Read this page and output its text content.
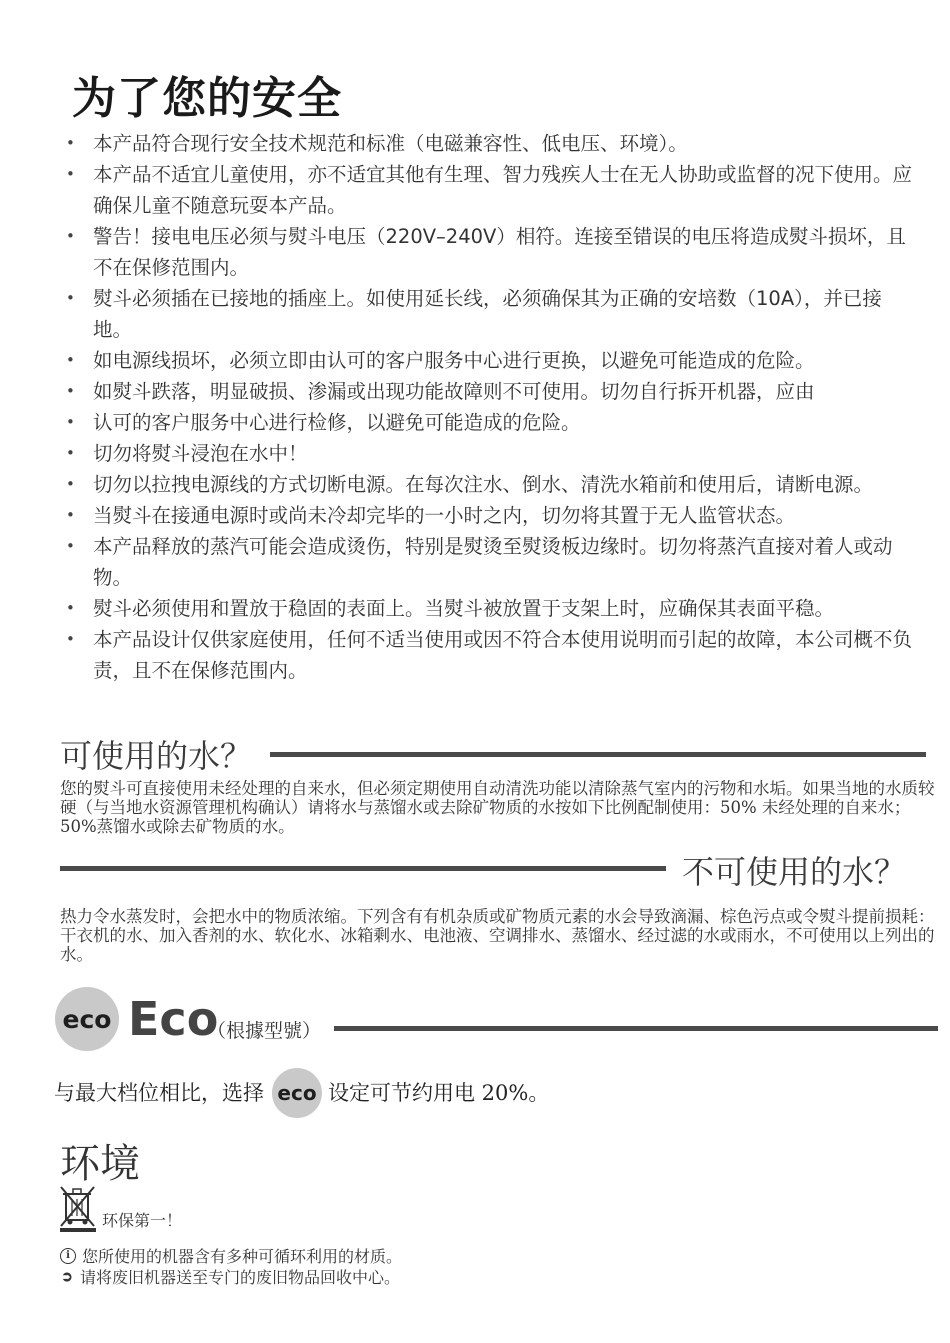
为了您的安全
• 本产品符合现行安全技术规范和标准（电磁兼容性、低电压、环境）。
• 本产品不适宜儿童使用，亦不适宜其他有生理、智力残疾人士在无人协助或监督的况下使用。应确保儿童不随意玩耍本产品。
• 警告！接电电压必须与熨斗电压（220V–240V）相符。连接至错误的电压将造成熨斗损坏，且不在保修范围内。
• 熨斗必须插在已接地的插座上。如使用延长线，必须确保其为正确的安培数（10A），并已接地。
• 如电源线损坏，必须立即由认可的客户服务中心进行更换，以避免可能造成的危险。
• 如熨斗跌落，明显破损、渗漏或出现功能故障则不可使用。切勿自行拆开机器，应由
• 认可的客户服务中心进行检修，以避免可能造成的危险。
• 切勿将熨斗浸泡在水中！
• 切勿以拉拽电源线的方式切断电源。在每次注水、倒水、清洗水箱前和使用后，请断电源。
• 当熨斗在接通电源时或尚未冷却完毕的一小时之内，切勿将其置于无人监管状态。
• 本产品释放的蒸汽可能会造成烫伤，特别是熨烫至熨烫板边缘时。切勿将蒸汽直接对着人或动物。
• 熨斗必须使用和置放于稳固的表面上。当熨斗被放置于支架上时，应确保其表面平稳。
• 本产品设计仅供家庭使用，任何不适当使用或因不符合本使用说明而引起的故障，本公司概不负责，且不在保修范围内。
可使用的水？

您的熨斗可直接使用未经处理的自来水，但必须定期使用自动清洗功能以清除蒸气室内的污物和水垢。如果当地的水质较硬（与当地水资源管理机构确认）请将水与蒸馏水或去除矿物质的水按如下比例配制使用：50% 未经处理的自来水；50%蒸馏水或除去矿物质的水。

不可使用的水？

热力令水蒸发时，会把水中的物质浓缩。下列含有有机杂质或矿物质元素的水会导致滴漏、棕色污点或令熨斗提前损耗：干衣机的水、加入香剂的水、软化水、冰箱剩水、电池液、空调排水、蒸馏水、经过滤的水或雨水，不可使用以上列出的水。

eco Eco
（根據型號）
与最大档位相比，选择 eco 设定可节约用电 20%。
环境
环保第一！
i 您所使用的机器含有多种可循环利用的材质。
➲ 请将废旧机器送至专门的废旧物品回收中心。
